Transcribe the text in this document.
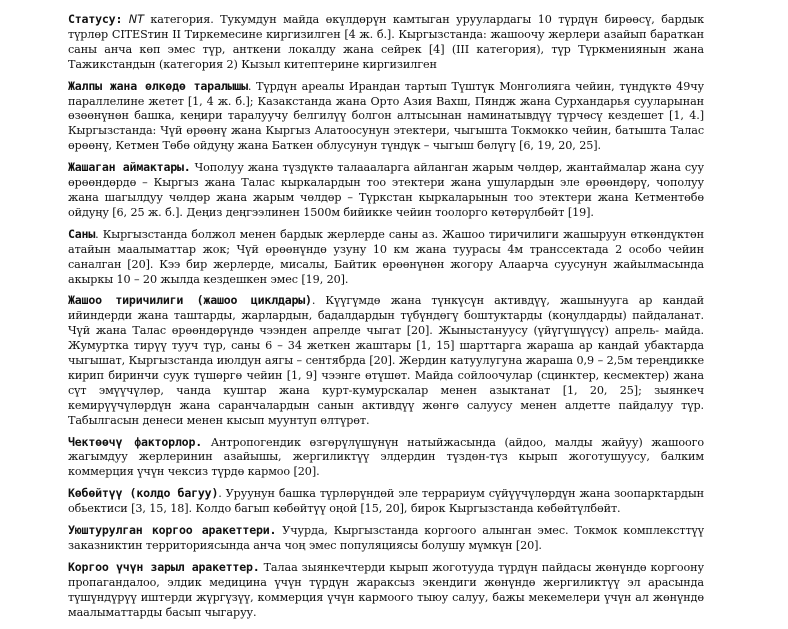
Статусу: NT категория. Тукумдун майда өкүлдөрүн камтыган уруулардагы 10 түрдүн бирөөсү, бардык түрлөр CITESтин II Тиркемесине киргизилген [4 ж. б.]. Кыргызстанда: жашоочу жерлери азайып бараткан саны анча көп эмес түр, анткени локалду жана сейрек [4] (III категория), түр Түркмениянын жана Тажикстандын (категория 2) Кызыл китептерине киргизилген

Жалпы жана өлкөдө таралышы. Түрдүн ареалы Ирандан тартып Түштүк Монголияга чейин, түндүктө 49чу параллелине жетет [1, 4 ж. б.]; Казакстанда жана Орто Азия Вахш, Пяндж жана Сурхандарья сууларынан өзөөнүнөн башка, кеңири таралуучу белгилүү болгон алтысынан наминатывдүү түрчөсү кездешет [1, 4.] Кыргызстанда: Чүй өрөөнү жана Кыргыз Алатоосунун этектери, чыгышта Токмокко чейин, батышта Талас өрөөнү, Кетмен Төбө ойдуңу жана Баткен облусунун түндүк – чыгыш бөлүгү [6, 19, 20, 25].

Жашаган аймактары. Чополуу жана түздүктө талаааларга айланган жарым чөлдөр, жантаймалар жана суу өрөөндөрдө – Кыргыз жана Талас кыркалардын тоо этектери жана ушулардын эле өрөөндөрү, чополуу жана шагылдуу чөлдөр жана жарым чөлдөр – Түркстан кыркаларынын тоо этектери жана Кетментөбө ойдуңу [6, 25 ж. б.]. Деңиз деңгээлинен 1500м бийикке чейин тоолорго көтөрүлбөйт [19].

Саны. Кыргызстанда болжол менен бардык жерлерде саны аз. Жашоо тиричилиги жашыруун өткөндүктөн атайын маалыматтар жок; Чүй өрөөнүндө узуну 10 км жана туурасы 4м транссектада 2 особо чейин саналган [20]. Кээ бир жерлерде, мисалы, Байтик өрөөнүнөн жогору Алаарча суусунун жайылмасында акыркы 10 – 20 жылда кездешкен эмес [19, 20].

Жашоо тиричилиги (жашоо циклдары). Күүгүмдө жана түнкүсүн активдүү, жашынууга ар кандай ийиндерди жана таштарды, жарлардын, бадалдардын түбүндөгү боштуктарды (коңулдарды) пайдаланат. Чүй жана Талас өрөөндөрүндө чээнден апрелде чыгат [20]. Жыныстануусу (үйүгүшүүсү) апрель- майда. Жумуртка тирүү тууч түр, саны 6 – 34 жеткен жаштары [1, 15] шарттарга жараша ар кандай убактарда чыгышат, Кыргызстанда июлдун аягы – сентябрда [20]. Жердин катуулугуна жараша 0,9 – 2,5м тереңдикке кирип биринчи суук түшөргө чейин [1, 9] чээнге өтүшөт. Майда сойлоочулар (сцинктер, кесмектер) жана сүт эмүүчүлөр, чанда куштар жана курт-кумурскалар менен азыктанат [1, 20, 25]; зыянкеч кемирүүчүлөрдүн жана саранчалардын санын активдүү жөнгө салуусу менен алдетте пайдалуу түр. Табылгасын денеси менен кысып муунтуп өлтүрөт.

Чектөөчү факторлор. Антропогендик өзгөрүлүшүнүн натыйжасында (айдоо, малды жайуу) жашоого жагымдуу жерлеринин азайышы, жергиликтүү элдердин түздөн-түз кырып жоготушуусу, балким коммерция үчүн чексиз түрдө кармоо [20].

Көбөйтүү (колдо багуу). Уруунун башка түрлөрүндөй эле террариум сүйүүчүлөрдүн жана зоопарктардын обьектиси [3, 15, 18]. Колдо багып көбөйтүү оңой [15, 20], бирок Кыргызстанда көбөйтүлбөйт.

Уюштурулган коргоо аракеттери. Учурда, Кыргызстанда коргоого алынган эмес. Токмок комплексттүү заказниктин территориясында анча чоң эмес популяциясы болушу мүмкүн [20].

Коргоо үчүн зарыл аракеттер. Талаа зыянкечтерди кырып жоготууда түрдүн пайдасы жөнүндө коргоону пропагандалоо, элдик медицина үчүн түрдүн жараксыз экендиги жөнүндө жергиликтүү эл арасында түшүндүрүү иштерди жүргүзүү, коммерция үчүн кармоого тыюу салуу, бажы мекемелери үчүн ал жөнүндө маалыматтарды басып чыгаруу.
